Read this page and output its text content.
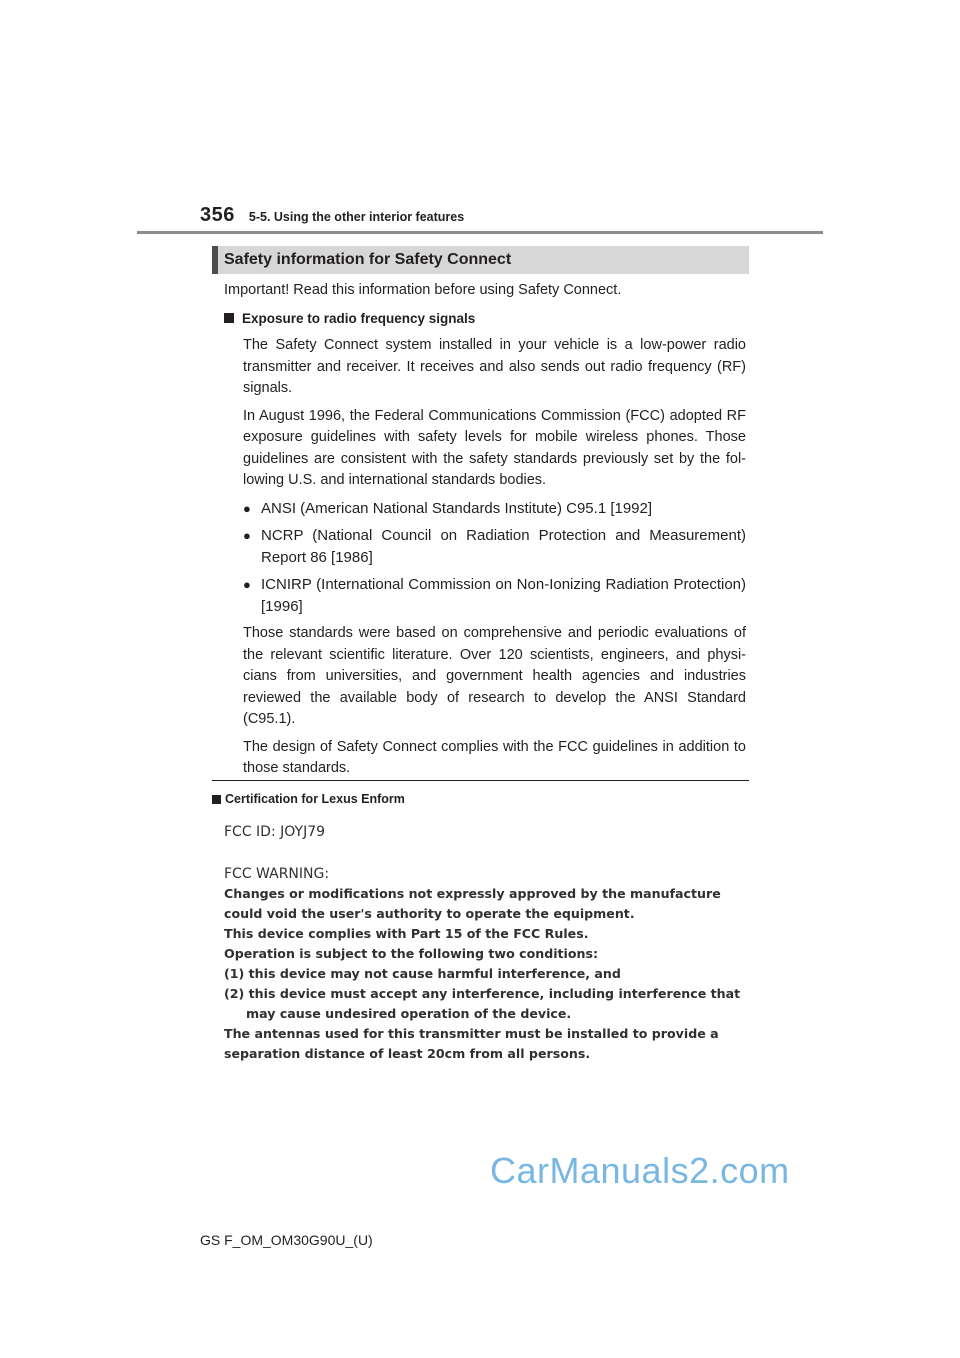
356 5-5. Using the other interior features
Safety information for Safety Connect

Important! Read this information before using Safety Connect.

Exposure to radio frequency signals

The Safety Connect system installed in your vehicle is a low-power radio transmitter and receiver. It receives and also sends out radio frequency (RF) signals.

In August 1996, the Federal Communications Commission (FCC) adopted RF exposure guidelines with safety levels for mobile wireless phones. Those guidelines are consistent with the safety standards previously set by the fol-lowing U.S. and international standards bodies.

● ANSI (American National Standards Institute) C95.1 [1992]
● NCRP (National Council on Radiation Protection and Measurement) Report 86 [1986]
● ICNIRP (International Commission on Non-Ionizing Radiation Protection) [1996]

Those standards were based on comprehensive and periodic evaluations of the relevant scientific literature. Over 120 scientists, engineers, and physi-cians from universities, and government health agencies and industries reviewed the available body of research to develop the ANSI Standard (C95.1).

The design of Safety Connect complies with the FCC guidelines in addition to those standards.

Certification for Lexus Enform
FCC ID: JOYJ79
FCC WARNING:
Changes or modifications not expressly approved by the manufacture
could void the user's authority to operate the equipment.
This device complies with Part 15 of the FCC Rules.
Operation is subject to the following two conditions:
(1) this device may not cause harmful interference, and
(2) this device must accept any interference, including interference that
may cause undesired operation of the device.
The antennas used for this transmitter must be installed to provide a
separation distance of least 20cm from all persons.
CarManuals2.com
GS F_OM_OM30G90U_(U)
